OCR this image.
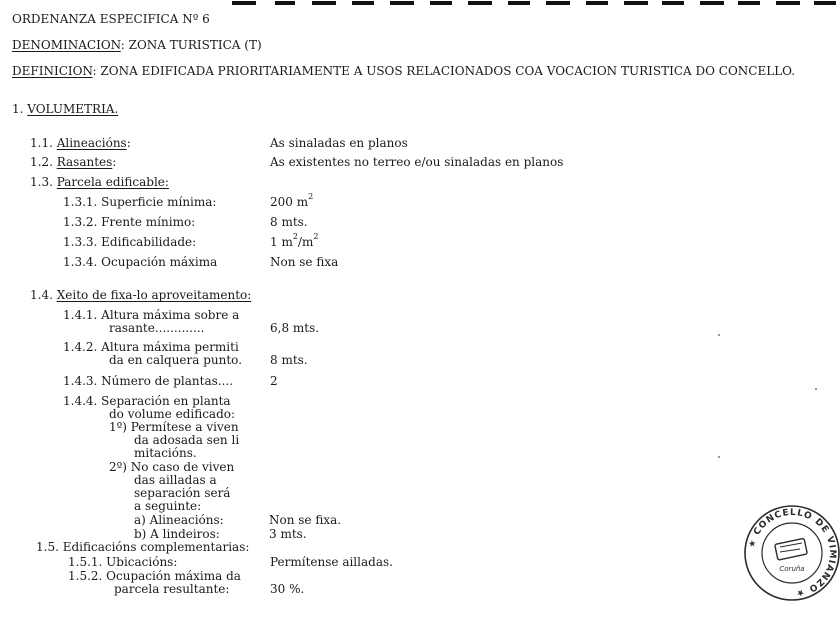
ORDENANZA ESPECIFICA Nº 6
DENOMINACION: ZONA TURISTICA (T)
DEFINICION: ZONA EDIFICADA PRIORITARIAMENTE A USOS RELACIONADOS COA VOCACION TURISTICA DO CONCELLO.
1. VOLUMETRIA.
1.1. Alineacións:	As sinaladas en planos
1.2. Rasantes:	As existentes no terreo e/ou sinaladas en planos
1.3. Parcela edificable:
1.3.1. Superficie mínima:	200 $m^2$
1.3.2. Frente mínimo:	8 mts.
1.3.3. Edificabilidade:	1 $m^2/m^2$
1.3.4. Ocupación máxima	Non se fixa
1.4. Xeito de fixa-lo aproveitamento:
1.4.1. Altura máxima sobre a
rasante.............	6,8 mts.
1.4.2. Altura máxima permiti
da en calquera punto. 8 mts.
1.4.3. Número de plantas....	2
1.4.4. Separación en planta
do volume edificado:
1º) Permítese a viven
da adosada sen li
mitacións.
2º) No caso de viven
das ailladas a
separación será
a seguinte:
a) Alineacións:	Non se fixa.
b) A lindeiros:	3 mts.
1.5. Edificacións complementarias:
1.5.1. Ubicacións:	Permítense ailladas.
1.5.2. Ocupación máxima da
parcela resultante:	30 %.
★ CONCELLO DE VIMIANZO ★
Coruña
